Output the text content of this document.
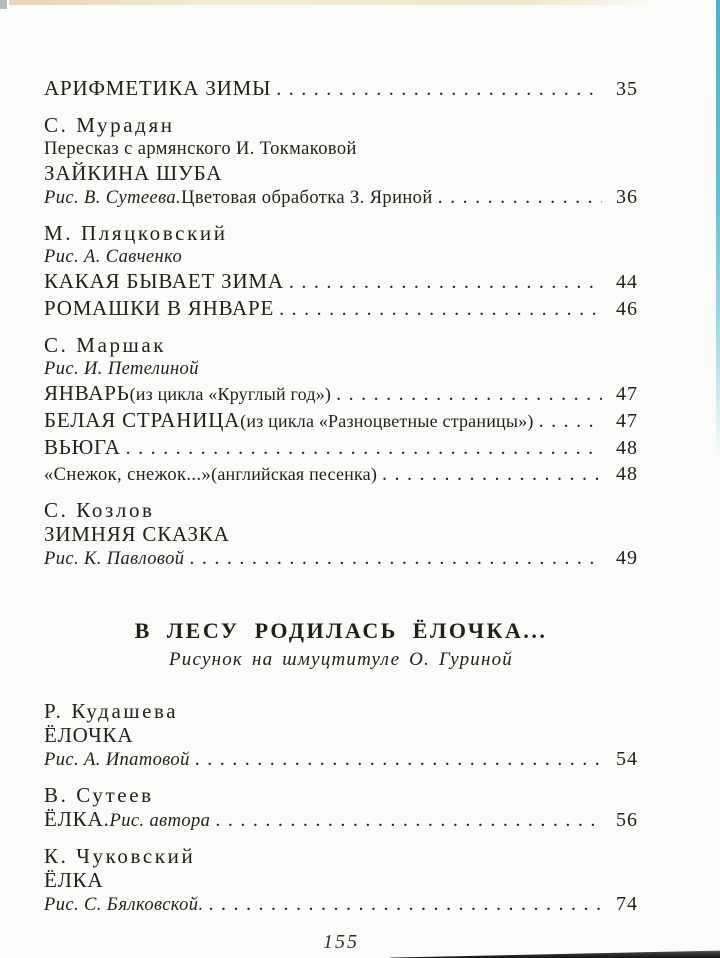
АРИФМЕТИКА ЗИМЫ .....	35
С. Мурадян
Пересказ с армянского И. Токмаковой
ЗАЙКИНА ШУБА
Рис. В. Сутеева. Цветовая обработка З. Яриной .....	36
М. Пляцковский
Рис. А. Савченко
КАКАЯ БЫВАЕТ ЗИМА .....	44
РОМАШКИ В ЯНВАРЕ .....	46
С. Маршак
Рис. И. Петелиной
ЯНВАРЬ (из цикла «Круглый год») .....	47
БЕЛАЯ СТРАНИЦА (из цикла «Разноцветные страницы») .....	47
ВЬЮГА .....	48
«Снежок, снежок...» (английская песенка) .....	48
С. Козлов
ЗИМНЯЯ СКАЗКА
Рис. К. Павловой .....	49
В ЛЕСУ РОДИЛАСЬ ЁЛОЧКА...
Рисунок на шмуцтитуле О. Гуриной
Р. Кудашева
ЁЛОЧКА
Рис. А. Ипатовой .....	54
В. Сутеев
ЁЛКА. Рис. автора .....	56
К. Чуковский
ЁЛКА
Рис. С. Бялковской. .....	74
155
